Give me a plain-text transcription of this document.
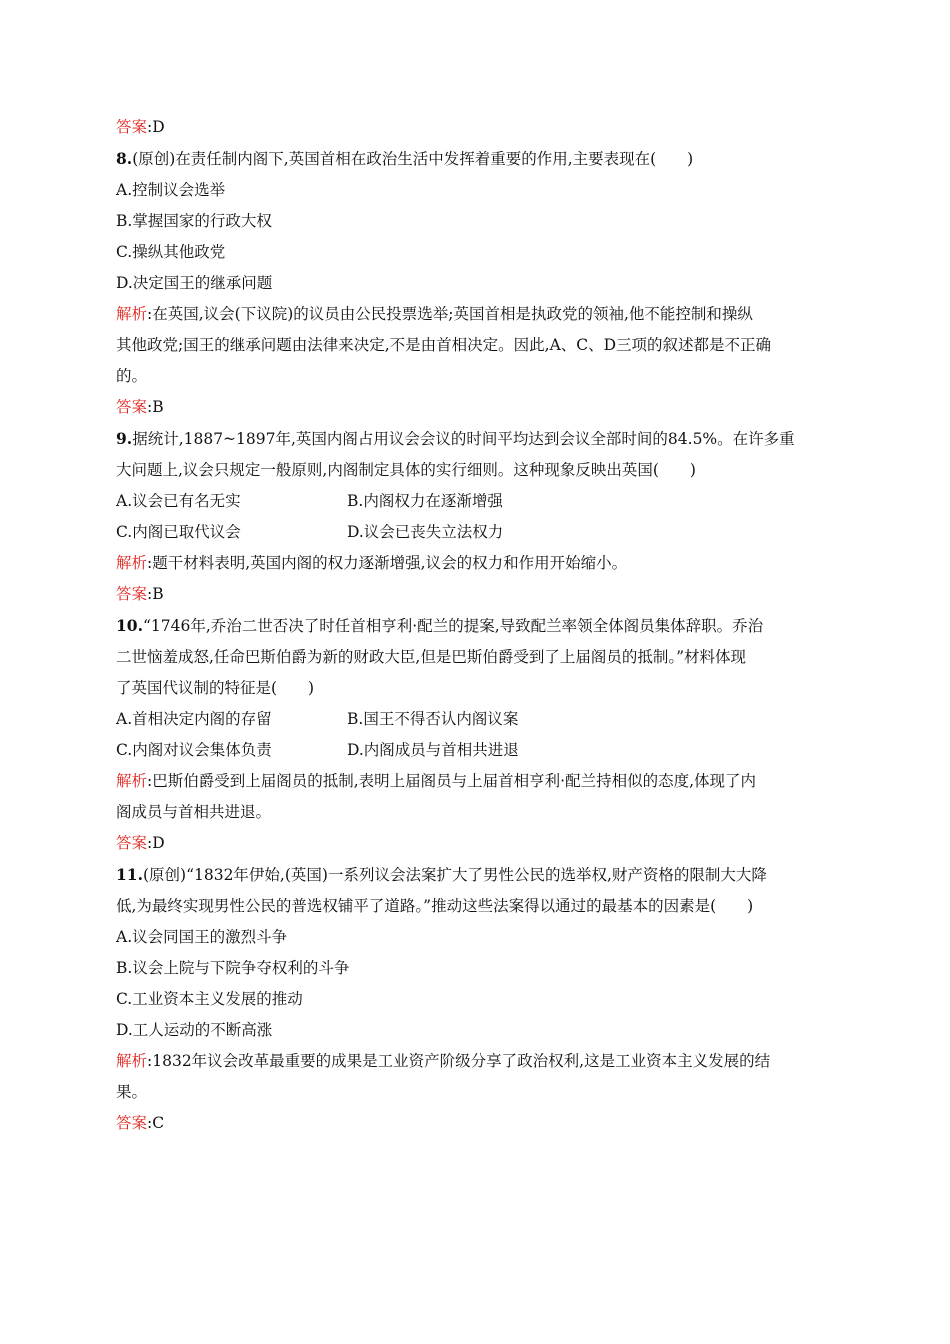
答案:D
8.(原创)在责任制内阁下,英国首相在政治生活中发挥着重要的作用,主要表现在(　　)
A.控制议会选举
B.掌握国家的行政大权
C.操纵其他政党
D.决定国王的继承问题
解析:在英国,议会(下议院)的议员由公民投票选举;英国首相是执政党的领袖,他不能控制和操纵
其他政党;国王的继承问题由法律来决定,不是由首相决定。因此,A、C、D三项的叙述都是不正确
的。
答案:B
9.据统计,1887~1897年,英国内阁占用议会会议的时间平均达到会议全部时间的84.5%。在许多重
大问题上,议会只规定一般原则,内阁制定具体的实行细则。这种现象反映出英国(　　)
A.议会已有名无实	B.内阁权力在逐渐增强
C.内阁已取代议会	D.议会已丧失立法权力
解析:题干材料表明,英国内阁的权力逐渐增强,议会的权力和作用开始缩小。
答案:B
10.“1746年,乔治二世否决了时任首相亨利·配兰的提案,导致配兰率领全体阁员集体辞职。乔治
二世恼羞成怒,任命巴斯伯爵为新的财政大臣,但是巴斯伯爵受到了上届阁员的抵制。”材料体现
了英国代议制的特征是(　　)
A.首相决定内阁的存留	B.国王不得否认内阁议案
C.内阁对议会集体负责	D.内阁成员与首相共进退
解析:巴斯伯爵受到上届阁员的抵制,表明上届阁员与上届首相亨利·配兰持相似的态度,体现了内
阁成员与首相共进退。
答案:D
11.(原创)“1832年伊始,(英国)一系列议会法案扩大了男性公民的选举权,财产资格的限制大大降
低,为最终实现男性公民的普选权铺平了道路。”推动这些法案得以通过的最基本的因素是(　　)
A.议会同国王的激烈斗争
B.议会上院与下院争夺权利的斗争
C.工业资本主义发展的推动
D.工人运动的不断高涨
解析:1832年议会改革最重要的成果是工业资产阶级分享了政治权利,这是工业资本主义发展的结
果。
答案:C
